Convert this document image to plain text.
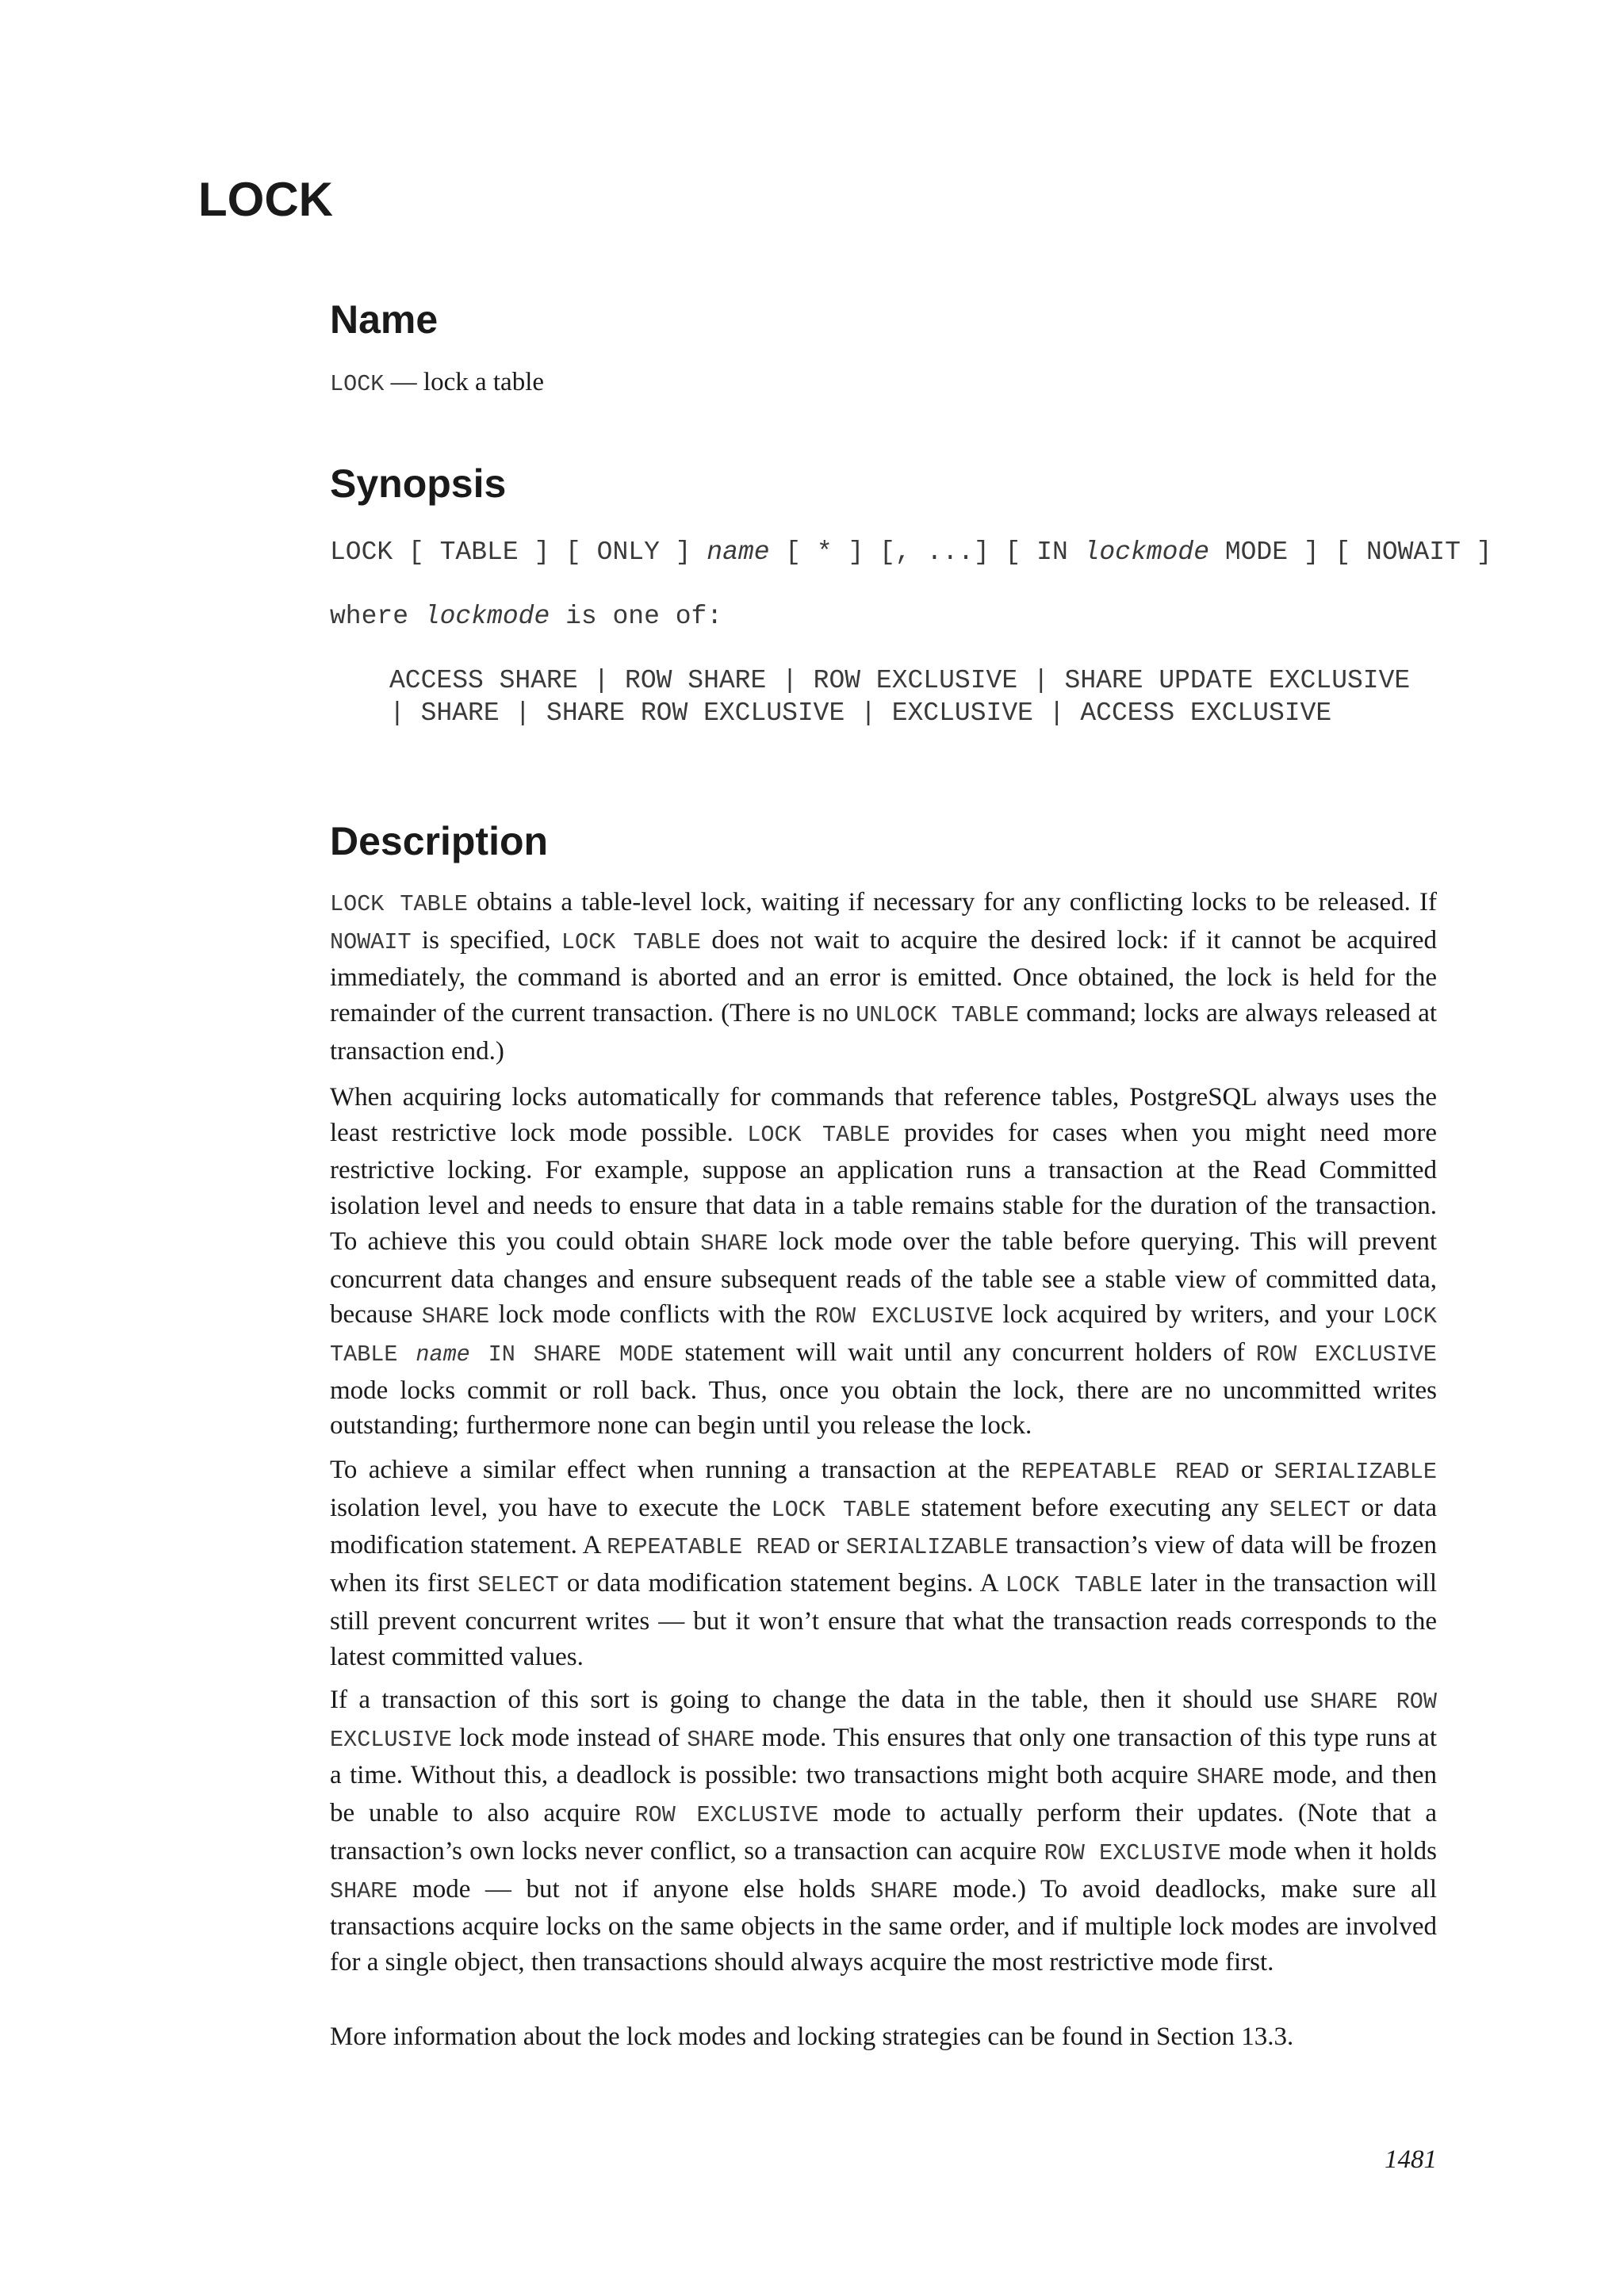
LOCK
Name
LOCK — lock a table
Synopsis
LOCK [ TABLE ] [ ONLY ] name [ * ] [, ...] [ IN lockmode MODE ] [ NOWAIT ]
where lockmode is one of:
ACCESS SHARE | ROW SHARE | ROW EXCLUSIVE | SHARE UPDATE EXCLUSIVE
| SHARE | SHARE ROW EXCLUSIVE | EXCLUSIVE | ACCESS EXCLUSIVE
Description

LOCK TABLE obtains a table-level lock, waiting if necessary for any conflicting locks to be released. If NOWAIT is specified, LOCK TABLE does not wait to acquire the desired lock: if it cannot be acquired immediately, the command is aborted and an error is emitted. Once obtained, the lock is held for the remainder of the current transaction. (There is no UNLOCK TABLE command; locks are always released at transaction end.)

When acquiring locks automatically for commands that reference tables, PostgreSQL always uses the least restrictive lock mode possible. LOCK TABLE provides for cases when you might need more restrictive locking. For example, suppose an application runs a transaction at the Read Committed isolation level and needs to ensure that data in a table remains stable for the duration of the transaction. To achieve this you could obtain SHARE lock mode over the table before querying. This will prevent concurrent data changes and ensure subsequent reads of the table see a stable view of committed data, because SHARE lock mode conflicts with the ROW EXCLUSIVE lock acquired by writers, and your LOCK TABLE name IN SHARE MODE statement will wait until any concurrent holders of ROW EXCLUSIVE mode locks commit or roll back. Thus, once you obtain the lock, there are no uncommitted writes outstanding; furthermore none can begin until you release the lock.

To achieve a similar effect when running a transaction at the REPEATABLE READ or SERIALIZABLE isolation level, you have to execute the LOCK TABLE statement before executing any SELECT or data modification statement. A REPEATABLE READ or SERIALIZABLE transaction’s view of data will be frozen when its first SELECT or data modification statement begins. A LOCK TABLE later in the transaction will still prevent concurrent writes — but it won’t ensure that what the transaction reads corresponds to the latest committed values.

If a transaction of this sort is going to change the data in the table, then it should use SHARE ROW EXCLUSIVE lock mode instead of SHARE mode. This ensures that only one transaction of this type runs at a time. Without this, a deadlock is possible: two transactions might both acquire SHARE mode, and then be unable to also acquire ROW EXCLUSIVE mode to actually perform their updates. (Note that a transaction’s own locks never conflict, so a transaction can acquire ROW EXCLUSIVE mode when it holds SHARE mode — but not if anyone else holds SHARE mode.) To avoid deadlocks, make sure all transactions acquire locks on the same objects in the same order, and if multiple lock modes are involved for a single object, then transactions should always acquire the most restrictive mode first.

More information about the lock modes and locking strategies can be found in Section 13.3.

1481
